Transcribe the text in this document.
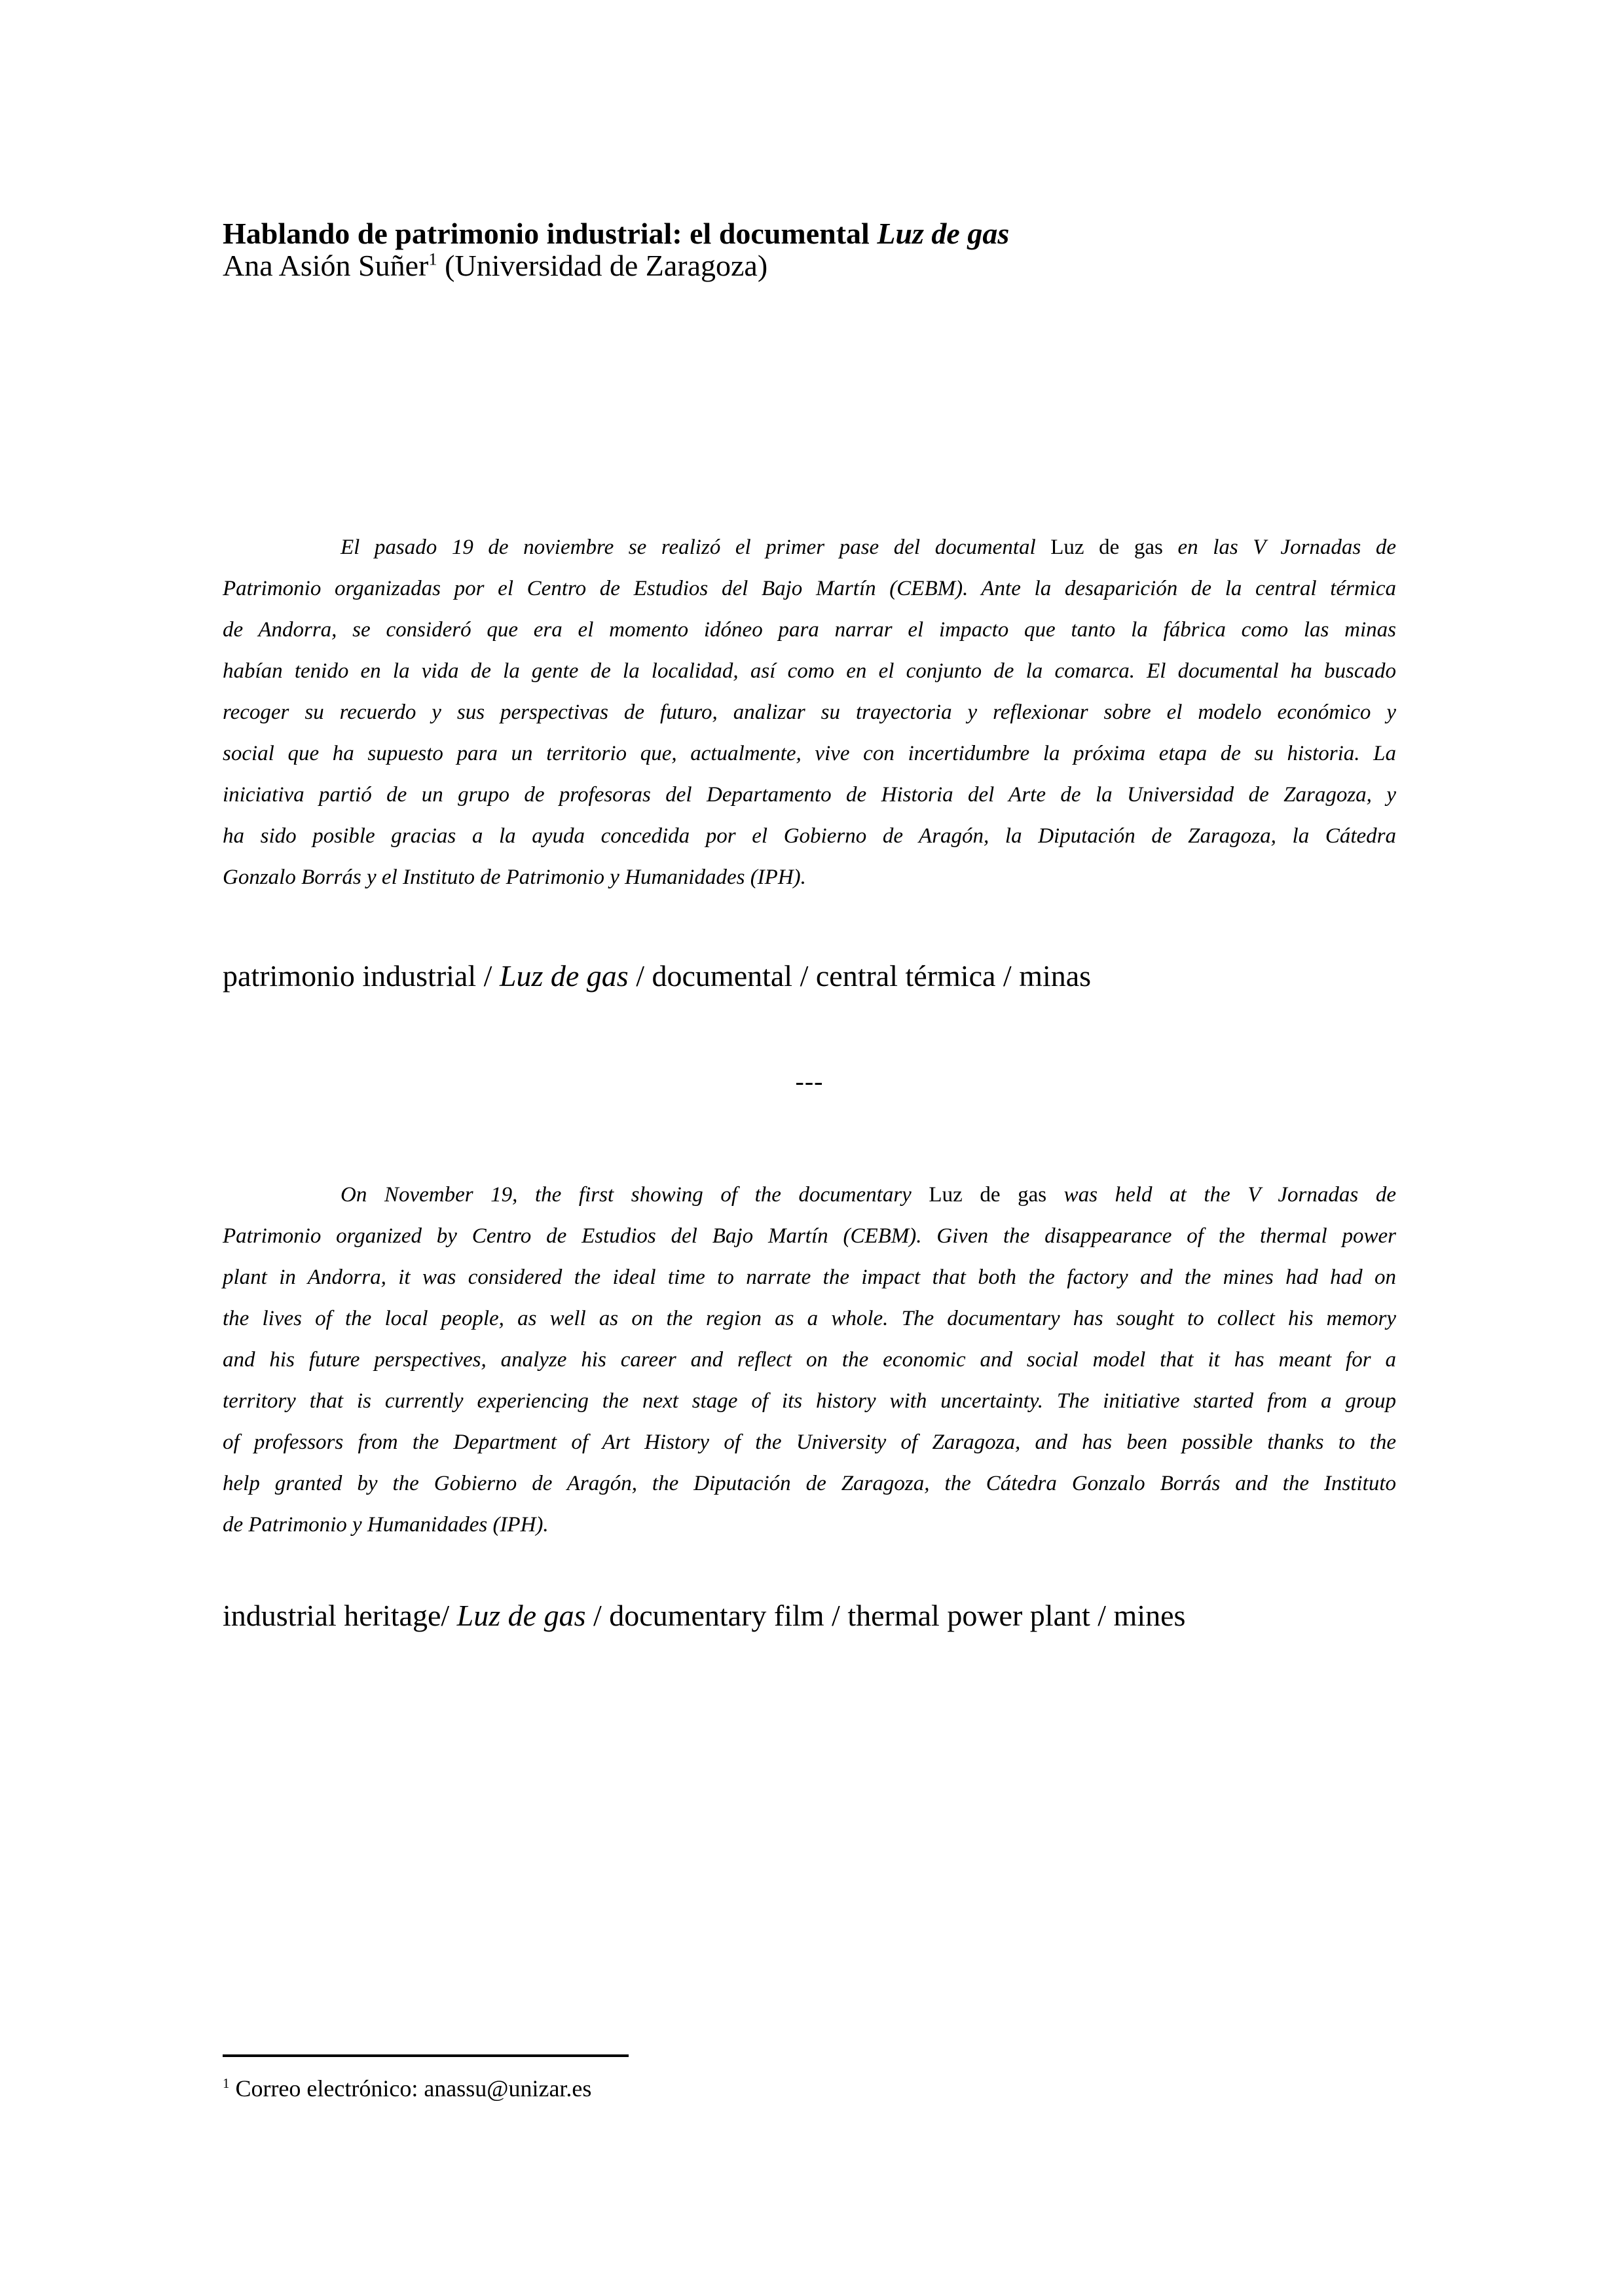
Hablando de patrimonio industrial: el documental Luz de gas
Ana Asión Suñer$^1$ (Universidad de Zaragoza)
El pasado 19 de noviembre se realizó el primer pase del documental Luz de gas en las V Jornadas de
Patrimonio organizadas por el Centro de Estudios del Bajo Martín (CEBM). Ante la desaparición de la central térmica
de Andorra, se consideró que era el momento idóneo para narrar el impacto que tanto la fábrica como las minas
habían tenido en la vida de la gente de la localidad, así como en el conjunto de la comarca. El documental ha buscado
recoger su recuerdo y sus perspectivas de futuro, analizar su trayectoria y reflexionar sobre el modelo económico y
social que ha supuesto para un territorio que, actualmente, vive con incertidumbre la próxima etapa de su historia. La
iniciativa partió de un grupo de profesoras del Departamento de Historia del Arte de la Universidad de Zaragoza, y
ha sido posible gracias a la ayuda concedida por el Gobierno de Aragón, la Diputación de Zaragoza, la Cátedra
Gonzalo Borrás y el Instituto de Patrimonio y Humanidades (IPH).
patrimonio industrial / Luz de gas / documental / central térmica / minas
---
On November 19, the first showing of the documentary Luz de gas was held at the V Jornadas de
Patrimonio organized by Centro de Estudios del Bajo Martín (CEBM). Given the disappearance of the thermal power
plant in Andorra, it was considered the ideal time to narrate the impact that both the factory and the mines had had on
the lives of the local people, as well as on the region as a whole. The documentary has sought to collect his memory
and his future perspectives, analyze his career and reflect on the economic and social model that it has meant for a
territory that is currently experiencing the next stage of its history with uncertainty. The initiative started from a group
of professors from the Department of Art History of the University of Zaragoza, and has been possible thanks to the
help granted by the Gobierno de Aragón, the Diputación de Zaragoza, the Cátedra Gonzalo Borrás and the Instituto
de Patrimonio y Humanidades (IPH).
industrial heritage/ Luz de gas / documentary film / thermal power plant / mines
$^1$ Correo electrónico: anassu@unizar.es
